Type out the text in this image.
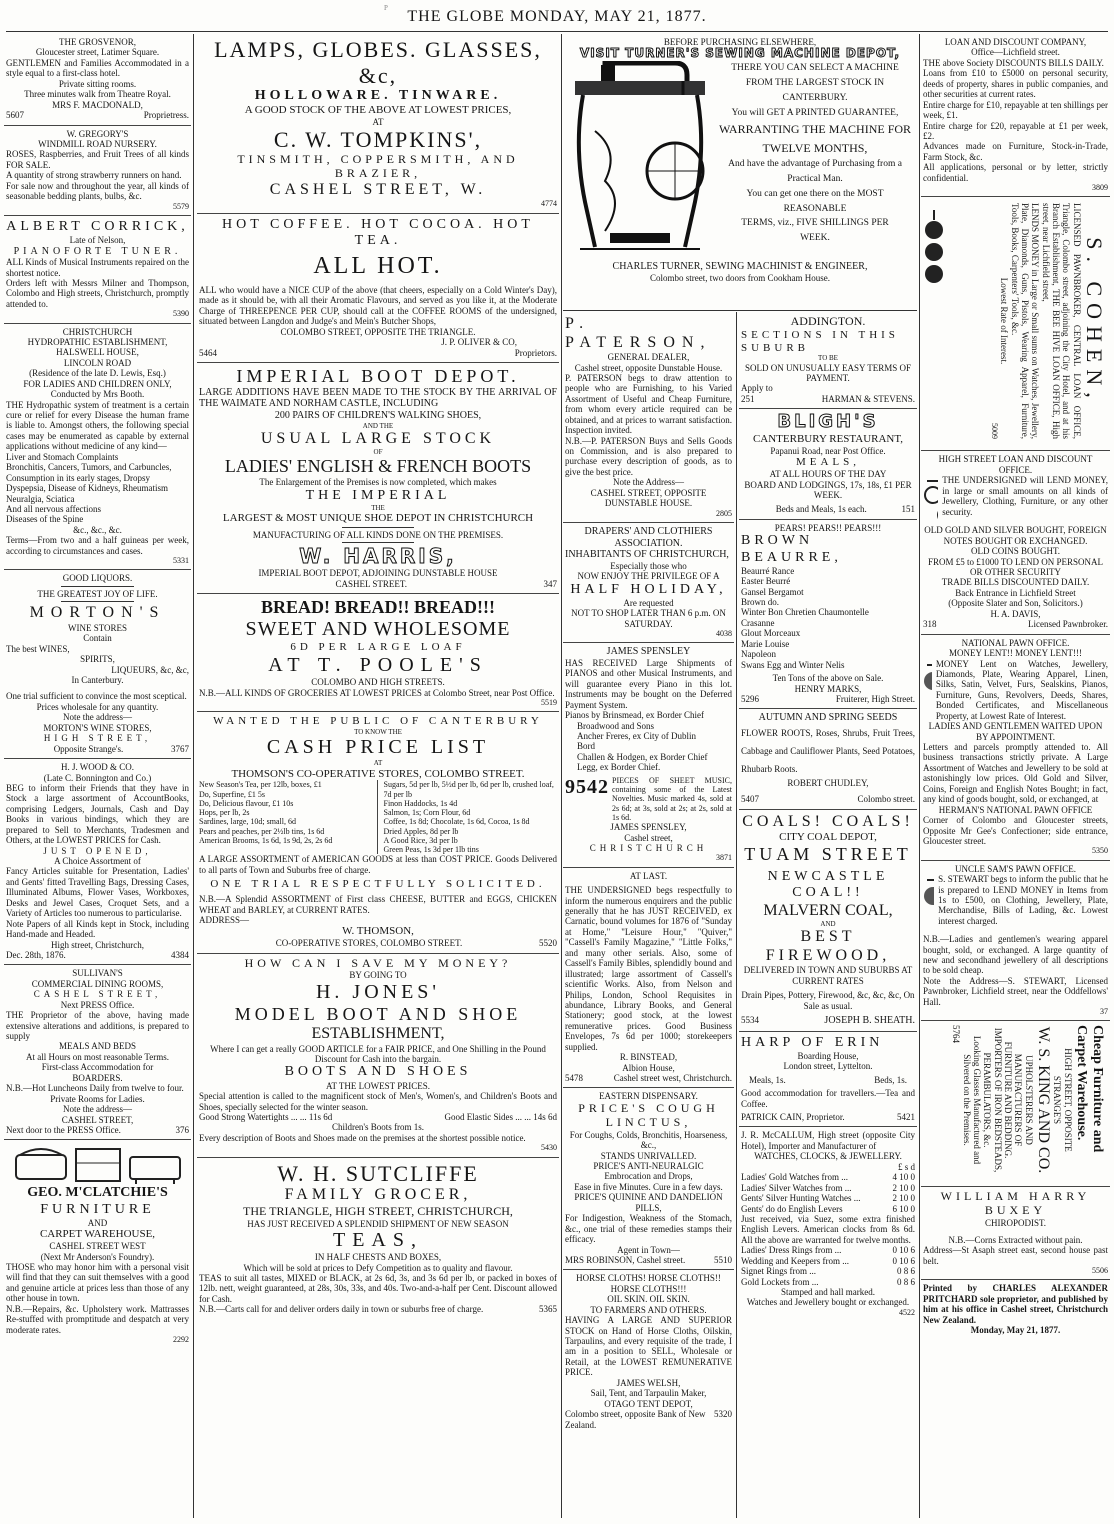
P THE GLOBE MONDAY, MAY 21, 1877.
THE GROSVENOR,
Gloucester street, Latimer Square.
GENTLEMEN and Families Accommodated in a style equal to a first-class hotel.
Private sitting rooms.
Three minutes walk from Theatre Royal.
MRS F. MACDONALD,
5607	Proprietress.
W. GREGORY'S
WINDMILL ROAD NURSERY.
ROSES, Raspberries, and Fruit Trees of all kinds FOR SALE.
A quantity of strong strawberry runners on hand.
For sale now and throughout the year, all kinds of seasonable bedding plants, bulbs, &c.
5579
ALBERT CORRICK,
Late of Nelson,
PIANOFORTE TUNER.
ALL Kinds of Musical Instruments repaired on the shortest notice.
Orders left with Messrs Milner and Thompson, Colombo and High streets, Christchurch, promptly attended to.
5390
CHRISTCHURCH
HYDROPATHIC ESTABLISHMENT,
HALSWELL HOUSE,
LINCOLN ROAD
(Residence of the late D. Lewis, Esq.)
FOR LADIES AND CHILDREN ONLY,
Conducted by Mrs Booth.
THE Hydropathic system of treatment is a certain cure or relief for every Disease the human frame is liable to. Amongst others, the following special cases may be enumerated as capable by external applications without medicine of any kind—
Liver and Stomach Complaints
Bronchitis, Cancers, Tumors, and Carbuncles,
Consumption in its early stages, Dropsy
Dyspepsia, Disease of Kidneys, Rheumatism
Neuralgia, Sciatica
And all nervous affections
Diseases of the Spine
&c., &c., &c.
Terms—From two and a half guineas per week, according to circumstances and cases.
5331
GOOD LIQUORS.
THE GREATEST JOY OF LIFE.
MORTON'S
WINE STORES
Contain
The best WINES,
SPIRITS,
LIQUEURS, &c, &c,
In Canterbury.
One trial sufficient to convince the most sceptical.
Prices wholesale for any quantity.
Note the address—
MORTON'S WINE STORES,
HIGH STREET,
Opposite Strange's.	3767
H. J. WOOD & CO.
(Late C. Bonnington and Co.)
BEG to inform their Friends that they have in Stock a large assortment of AccountBooks, comprising Ledgers, Journals, Cash and Day Books in various bindings, which they are prepared to Sell to Merchants, Tradesmen and Others, at the LOWEST PRICES for Cash.
JUST OPENED,
A Choice Assortment of
Fancy Articles suitable for Presentation, Ladies' and Gents' fitted Travelling Bags, Dressing Cases, Illuminated Albums, Flower Vases, Workboxes, Desks and Jewel Cases, Croquet Sets, and a Variety of Articles too numerous to particularise.
Note Papers of all Kinds kept in Stock, including Hand-made and Headed.
High street, Christchurch,
Dec. 28th, 1876.	4384
SULLIVAN'S
COMMERCIAL DINING ROOMS,
CASHEL STREET,
Next PRESS Office.
THE Proprietor of the above, having made extensive alterations and additions, is prepared to supply
MEALS AND BEDS
At all Hours on most reasonable Terms.
First-class Accommodation for
BOARDERS.
N.B.—Hot Luncheons Daily from twelve to four.
Private Rooms for Ladies.
Note the address—
CASHEL STREET,
Next door to the PRESS Office.	376
GEO. M'CLATCHIE'S
FURNITURE
AND
CARPET WAREHOUSE,
CASHEL STREET WEST
(Next Mr Anderson's Foundry).
THOSE who may honor him with a personal visit will find that they can suit themselves with a good and genuine article at prices less than those of any other house in town.
N.B.—Repairs, &c. Upholstery work. Mattrasses Re-stuffed with promptitude and despatch at very moderate rates.
2292
LAMPS, GLOBES. GLASSES, &c,
HOLLOWARE. TINWARE.
A GOOD STOCK OF THE ABOVE AT LOWEST PRICES,
AT
C. W. TOMPKINS',
TINSMITH, COPPERSMITH, AND BRAZIER,
CASHEL STREET, W.
4774
HOT COFFEE. HOT COCOA. HOT TEA.
ALL HOT.
ALL who would have a NICE CUP of the above (that cheers, especially on a Cold Winter's Day), made as it should be, with all their Aromatic Flavours, and served as you like it, at the Moderate Charge of THREEPENCE PER CUP, should call at the COFFEE ROOMS of the undersigned, situated between Langdon and Judge's and Mein's Butcher Shops,
COLOMBO STREET, OPPOSITE THE TRIANGLE.
J. P. OLIVER & CO,
5464	Proprietors.
IMPERIAL BOOT DEPOT.
LARGE ADDITIONS HAVE BEEN MADE TO THE STOCK BY THE ARRIVAL OF THE WAIMATE AND NORHAM CASTLE, INCLUDING
200 PAIRS OF CHILDREN'S WALKING SHOES,
AND THE
USUAL LARGE STOCK
OF
LADIES' ENGLISH & FRENCH BOOTS
The Enlargement of the Premises is now completed, which makes
THE IMPERIAL
THE
LARGEST & MOST UNIQUE SHOE DEPOT IN CHRISTCHURCH
MANUFACTURING OF ALL KINDS DONE ON THE PREMISES.
W. HARRIS,
IMPERIAL BOOT DEPOT, ADJOINING DUNSTABLE HOUSE
CASHEL STREET.	347
BREAD! BREAD!! BREAD!!!
SWEET AND WHOLESOME
6D PER LARGE LOAF
AT T. POOLE'S
COLOMBO AND HIGH STREETS.
N.B.—ALL KINDS OF GROCERIES AT LOWEST PRICES at Colombo Street, near Post Office.
5519
WANTED THE PUBLIC OF CANTERBURY
TO KNOW THE
CASH PRICE LIST
AT
THOMSON'S CO-OPERATIVE STORES, COLOMBO STREET.
New Season's Tea, per 12lb, boxes, £1
Do, Superfine, £1 5s
Do, Delicious flavour, £1 10s
Hops, per lb, 2s
Sardines, large, 10d; small, 6d
Pears and peaches, per 2½lb tins, 1s 6d
American Brooms, 1s 6d, 1s 9d, 2s, 2s 6d
Sugars, 5d per lb, 5½d per lb, 6d per lb, crushed loaf, 7d per lb
Finon Haddocks, 1s 4d
Salmon, 1s; Corn Flour, 6d
Coffee, 1s 8d; Chocolate, 1s 6d, Cocoa, 1s 8d
Dried Apples, 8d per lb
A Good Rice, 3d per lb
Green Peas, 1s 3d per 1lb tins
A LARGE ASSORTMENT of AMERICAN GOODS at less than COST PRICE. Goods Delivered to all parts of Town and Suburbs free of charge.
ONE TRIAL RESPECTFULLY SOLICITED.
N.B.—A Splendid ASSORTMENT of First class CHEESE, BUTTER and EGGS, CHICKEN WHEAT and BARLEY, at CURRENT RATES.
ADDRESS—
W. THOMSON,
CO-OPERATIVE STORES, COLOMBO STREET.	5520
HOW CAN I SAVE MY MONEY?
BY GOING TO
H. JONES'
MODEL BOOT AND SHOE
ESTABLISHMENT,
Where I can get a really GOOD ARTICLE for a FAIR PRICE, and One Shilling in the Pound Discount for Cash into the bargain.
BOOTS AND SHOES
AT THE LOWEST PRICES.
Special attention is called to the magnificent stock of Men's, Women's, and Children's Boots and Shoes, specially selected for the winter season.
Good Strong Watertights ... ... 11s 6d	Good Elastic Sides ... ... 14s 6d
Children's Boots from 1s.
Every description of Boots and Shoes made on the premises at the shortest possible notice.
5430
W. H. SUTCLIFFE
FAMILY GROCER,
THE TRIANGLE, HIGH STREET, CHRISTCHURCH,
HAS JUST RECEIVED A SPLENDID SHIPMENT OF NEW SEASON
TEAS,
IN HALF CHESTS AND BOXES,
Which will be sold at prices to Defy Competition as to quality and flavour.
TEAS to suit all tastes, MIXED or BLACK, at 2s 6d, 3s, and 3s 6d per lb, or packed in boxes of 12lb. nett, weight guaranteed, at 28s, 30s, 33s, and 40s. Two-and-a-half per Cent. Discount allowed for Cash.
N.B.—Carts call for and deliver orders daily in town or suburbs free of charge.	5365
BEFORE PURCHASING ELSEWHERE,
VISIT TURNER'S SEWING MACHINE DEPOT,
THERE YOU CAN SELECT A MACHINE
FROM THE LARGEST STOCK IN
CANTERBURY.
You will GET A PRINTED GUARANTEE,
WARRANTING THE MACHINE FOR
TWELVE MONTHS,
And have the advantage of Purchasing from a
Practical Man.
You can get one there on the MOST REASONABLE
TERMS, viz., FIVE SHILLINGS PER
WEEK.
CHARLES TURNER, SEWING MACHINIST & ENGINEER,
Colombo street, two doors from Cookham House.
P. PATERSON,
GENERAL DEALER,
Cashel street, opposite Dunstable House.
P. PATERSON begs to draw attention to people who are Furnishing, to his Varied Assortment of Useful and Cheap Furniture, from whom every article required can be obtained, and at prices to warrant satisfaction. Inspection invited.
N.B.—P. PATERSON Buys and Sells Goods on Commission, and is also prepared to purchase every description of goods, as to give the best price.
Note the Address—
CASHEL STREET, OPPOSITE DUNSTABLE HOUSE.
2805
DRAPERS' AND CLOTHIERS ASSOCIATION.
INHABITANTS OF CHRISTCHURCH,
Especially those who
NOW ENJOY THE PRIVILEGE OF A
HALF HOLIDAY,
Are requested
NOT TO SHOP LATER THAN 6 p.m. ON SATURDAY.
4038
JAMES SPENSLEY
HAS RECEIVED Large Shipments of PIANOS and other Musical Instruments, and will guarantee every Piano in this lot. Instruments may be bought on the Deferred Payment System.
Pianos by Brinsmead, ex Border Chief
Broadwood and Sons
Ancher Freres, ex City of Dublin
Bord
Challen & Hodgen, ex Border Chief
Legg, ex Border Chief.
9542 PIECES OF SHEET MUSIC, containing some of the Latest Novelties. Music marked 4s, sold at 2s 6d; at 3s, sold at 2s; at 2s, sold at 1s 6d.
JAMES SPENSLEY,
Cashel street,
CHRISTCHURCH
3871
AT LAST.
THE UNDERSIGNED begs respectfully to inform the numerous enquirers and the public generally that he has JUST RECEIVED, ex Carnatic, bound volumes for 1876 of "Sunday at Home," "Leisure Hour," "Quiver," "Cassell's Family Magazine," "Little Folks," and many other serials. Also, some of Cassell's Family Bibles, splendidly bound and illustrated; large assortment of Cassell's scientific Works. Also, from Nelson and Philips, London, School Requisites in abundance, Library Books, and General Stationery; good stock, at the lowest remunerative prices. Good Business Envelopes, 7s 6d per 1000; storekeepers supplied.
R. BINSTEAD,
Albion House,
5478	Cashel street west, Christchurch.
EASTERN DISPENSARY.
PRICE'S COUGH LINCTUS,
For Coughs, Colds, Bronchitis, Hoarseness, &c.,
STANDS UNRIVALLED.
PRICE'S ANTI-NEURALGIC
Embrocation and Drops,
Ease in five Minutes. Cure in a few days.
PRICE'S QUININE AND DANDELION PILLS,
For Indigestion, Weakness of the Stomach, &c., one trial of these remedies stamps their efficacy.
Agent in Town—
MRS ROBINSON, Cashel street.	5510
HORSE CLOTHS! HORSE CLOTHS!!
HORSE CLOTHS!!!
OIL SKIN. OIL SKIN.
TO FARMERS AND OTHERS.
HAVING A LARGE AND SUPERIOR STOCK on Hand of Horse Cloths, Oilskin, Tarpaulins, and every requisite of the trade, I am in a position to SELL, Wholesale or Retail, at the LOWEST REMUNERATIVE PRICE.
JAMES WELSH,
Sail, Tent, and Tarpaulin Maker,
OTAGO TENT DEPOT,
Colombo street, opposite Bank of New Zealand.
5320
ADDINGTON.
SECTIONS IN THIS SUBURB
TO BE
SOLD ON UNUSUALLY EASY TERMS OF PAYMENT.
Apply to
251	HARMAN & STEVENS.
BLIGH'S
CANTERBURY RESTAURANT,
Papanui Road, near Post Office.
MEALS,
AT ALL HOURS OF THE DAY
BOARD AND LODGINGS, 17s, 18s, £1 PER WEEK.
Beds and Meals, 1s each.	151
PEARS! PEARS!! PEARS!!!
BROWN BEAURRE,
Beaurré Rance
Easter Beurré
Gansel Bergamot
Brown do.
Winter Bon Chretien Chaumontelle
Crasanne
Glout Morceaux
Marie Louise
Napoleon
Swans Egg and Winter Nelis
Ten Tons of the above on Sale.
HENRY MARKS,
5296	Fruiterer, High Street.
AUTUMN AND SPRING SEEDS
FLOWER ROOTS, Roses, Shrubs, Fruit Trees, Cabbage and Cauliflower Plants, Seed Potatoes, Rhubarb Roots.
ROBERT CHUDLEY,
5407	Colombo street.
COALS! COALS!
CITY COAL DEPOT,
TUAM STREET
NEWCASTLE COAL!!
MALVERN COAL,
AND
BEST FIREWOOD,
DELIVERED IN TOWN AND SUBURBS AT CURRENT RATES
Drain Pipes, Pottery, Firewood, &c, &c, &c, On Sale as usual.
5534	JOSEPH B. SHEATH.
HARP OF ERIN
Boarding House,
London street, Lyttelton.
Meals, 1s.	Beds, 1s.
Good accommodation for travellers.—Tea and Coffee.
PATRICK CAIN, Proprietor.	5421
J. R. McCALLUM, High street (opposite City Hotel), Importer and Manufacturer of
WATCHES, CLOCKS, & JEWELLERY.
£ s d
Ladies' Gold Watches from ...	4 10 0
Ladies' Silver Watches from ...	2 10 0
Gents' Silver Hunting Watches ...	2 10 0
Gents' do do English Levers	6 10 0
Just received, via Suez, some extra finished English Levers. American clocks from 8s 6d. All the above are warranted for twelve months.
Ladies' Dress Rings from ...	0 10 6
Wedding and Keepers from ...	0 10 6
Signet Rings from ...	0 8 6
Gold Lockets from ...	0 8 6
Stamped and hall marked.
Watches and Jewellery bought or exchanged.
4522
LOAN AND DISCOUNT COMPANY,
Office—Lichfield street.
THE above Society DISCOUNTS BILLS DAILY.
Loans from £10 to £5000 on personal security, deeds of property, shares in public companies, and other securities at current rates.
Entire charge for £10, repayable at ten shillings per week, £1.
Entire charge for £20, repayable at £1 per week, £2.
Advances made on Furniture, Stock-in-Trade, Farm Stock, &c.
All applications, personal or by letter, strictly confidential.
3809
S. COHEN,
LICENSED PAWNBROKER, CENTRAL LOAN OFFICE, Triangle, Colombo street, adjoining the City Hotel, and at his Branch Establishment, THE BEE HIVE LOAN OFFICE, High street, near Lichfield street,
LENDS MONEY in Large or Small sums on Watches, Jewellery, Plate, Diamonds, Guns, Pistols, Wearing Apparel, Furniture, Tools, Books, Carpenters' Tools, &c.
Lowest Rate of Interest.
5009
HIGH STREET LOAN AND DISCOUNT OFFICE.
THE UNDERSIGNED will LEND MONEY, in large or small amounts on all kinds of Jewellery, Clothing, Furniture, or any other security.
OLD GOLD AND SILVER BOUGHT, FOREIGN NOTES BOUGHT OR EXCHANGED.
OLD COINS BOUGHT.
FROM £5 to £1000 TO LEND ON PERSONAL OR OTHER SECURITY
TRADE BILLS DISCOUNTED DAILY.
Back Entrance in Lichfield Street
(Opposite Slater and Son, Solicitors.)
H. A. DAVIS,
318	Licensed Pawnbroker.
NATIONAL PAWN OFFICE.
MONEY LENT!! MONEY LENT!!!
MONEY Lent on Watches, Jewellery, Diamonds, Plate, Wearing Apparel, Linen, Silks, Satin, Velvet, Furs, Sealskins, Pianos, Furniture, Guns, Revolvers, Deeds, Shares, Bonded Certificates, and Miscellaneous Property, at Lowest Rate of Interest.
LADIES AND GENTLEMEN WAITED UPON BY APPOINTMENT.
Letters and parcels promptly attended to. All business transactions strictly private. A Large Assortment of Watches and Jewellery to be sold at astonishingly low prices. Old Gold and Silver, Coins, Foreign and English Notes Bought; in fact, any kind of goods bought, sold, or exchanged, at
HERMAN'S NATIONAL PAWN OFFICE
Corner of Colombo and Gloucester streets, Opposite Mr Gee's Confectioner; side entrance, Gloucester street.
5350
UNCLE SAM'S PAWN OFFICE.
S. STEWART begs to inform the public that he is prepared to LEND MONEY in Items from 1s to £500, on Clothing, Jewellery, Plate, Merchandise, Bills of Lading, &c. Lowest interest charged.
N.B.—Ladies and gentlemen's wearing apparel bought, sold, or exchanged. A large quantity of new and secondhand jewellery of all descriptions to be sold cheap.
Note the Address—S. STEWART, Licensed Pawnbroker, Lichfield street, near the Oddfellows' Hall.
37
Cheap Furniture and Carpet Warehouse.
HIGH STREET, OPPOSITE STRANGE'S
W. S. KING AND CO.
UPHOLSTERERS AND MANUFACTURERS OF
FURNITURE AND BEDDING.
IMPORTERS OF IRON BEDSTEADS, PERAMBULATORS, &c.
Looking Glasses Manufactured and Silvered on the Premises.
5764
WILLIAM HARRY BUXEY
CHIROPODIST.
N.B.—Corns Extracted without pain.
Address—St Asaph street east, second house past belt.
5506
Printed by CHARLES ALEXANDER PRITCHARD sole proprietor, and published by him at his office in Cashel street, Christchurch New Zealand.
Monday, May 21, 1877.
